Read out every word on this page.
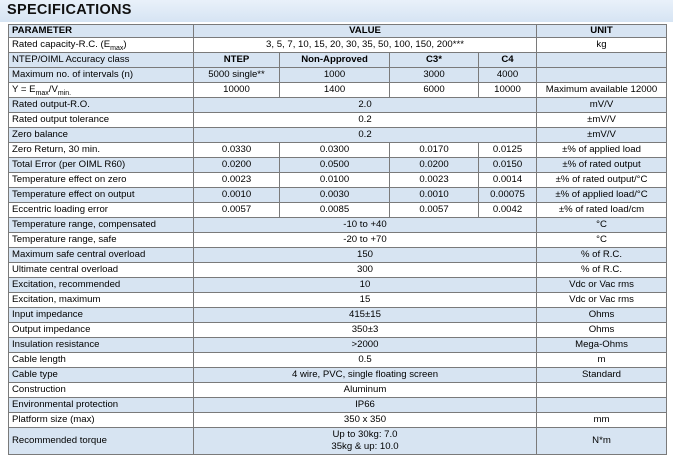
SPECIFICATIONS
PARAMETER	VALUE				UNIT
Rated capacity-R.C. $(E_{max})$	3, 5, 7, 10, 15, 20, 30, 35, 50, 100, 150, 200***				kg
NTEP/OIML Accuracy class	NTEP	Non-Approved	C3*	C4	
Maximum no. of intervals (n)	5000 single**	1000	3000	4000	
$Y = E_{max}/V_{min.}$	10000	1400	6000	10000	Maximum available 12000
Rated output-R.O.	2.0				mV/V
Rated output tolerance	0.2				±mV/V
Zero balance	0.2				±mV/V
Zero Return, 30 min.	0.0330	0.0300	0.0170	0.0125	±% of applied load
Total Error (per OIML R60)	0.0200	0.0500	0.0200	0.0150	±% of rated output
Temperature effect on zero	0.0023	0.0100	0.0023	0.0014	±% of rated output/°C
Temperature effect on output	0.0010	0.0030	0.0010	0.00075	±% of applied load/°C
Eccentric loading error	0.0057	0.0085	0.0057	0.0042	±% of rated load/cm
Temperature range, compensated	-10 to +40				°C
Temperature range, safe	-20 to +70				°C
Maximum safe central overload	150				% of R.C.
Ultimate central overload	300				% of R.C.
Excitation, recommended	10				Vdc or Vac rms
Excitation, maximum	15				Vdc or Vac rms
Input impedance	415±15				Ohms
Output impedance	350±3				Ohms
Insulation resistance	>2000				Mega-Ohms
Cable length	0.5				m
Cable type	4 wire, PVC, single floating screen				Standard
Construction	Aluminum				
Environmental protection	IP66				
Platform size (max)	350 x 350				mm
Recommended torque	Up to 30kg: 7.0
35kg & up: 10.0				N*m
